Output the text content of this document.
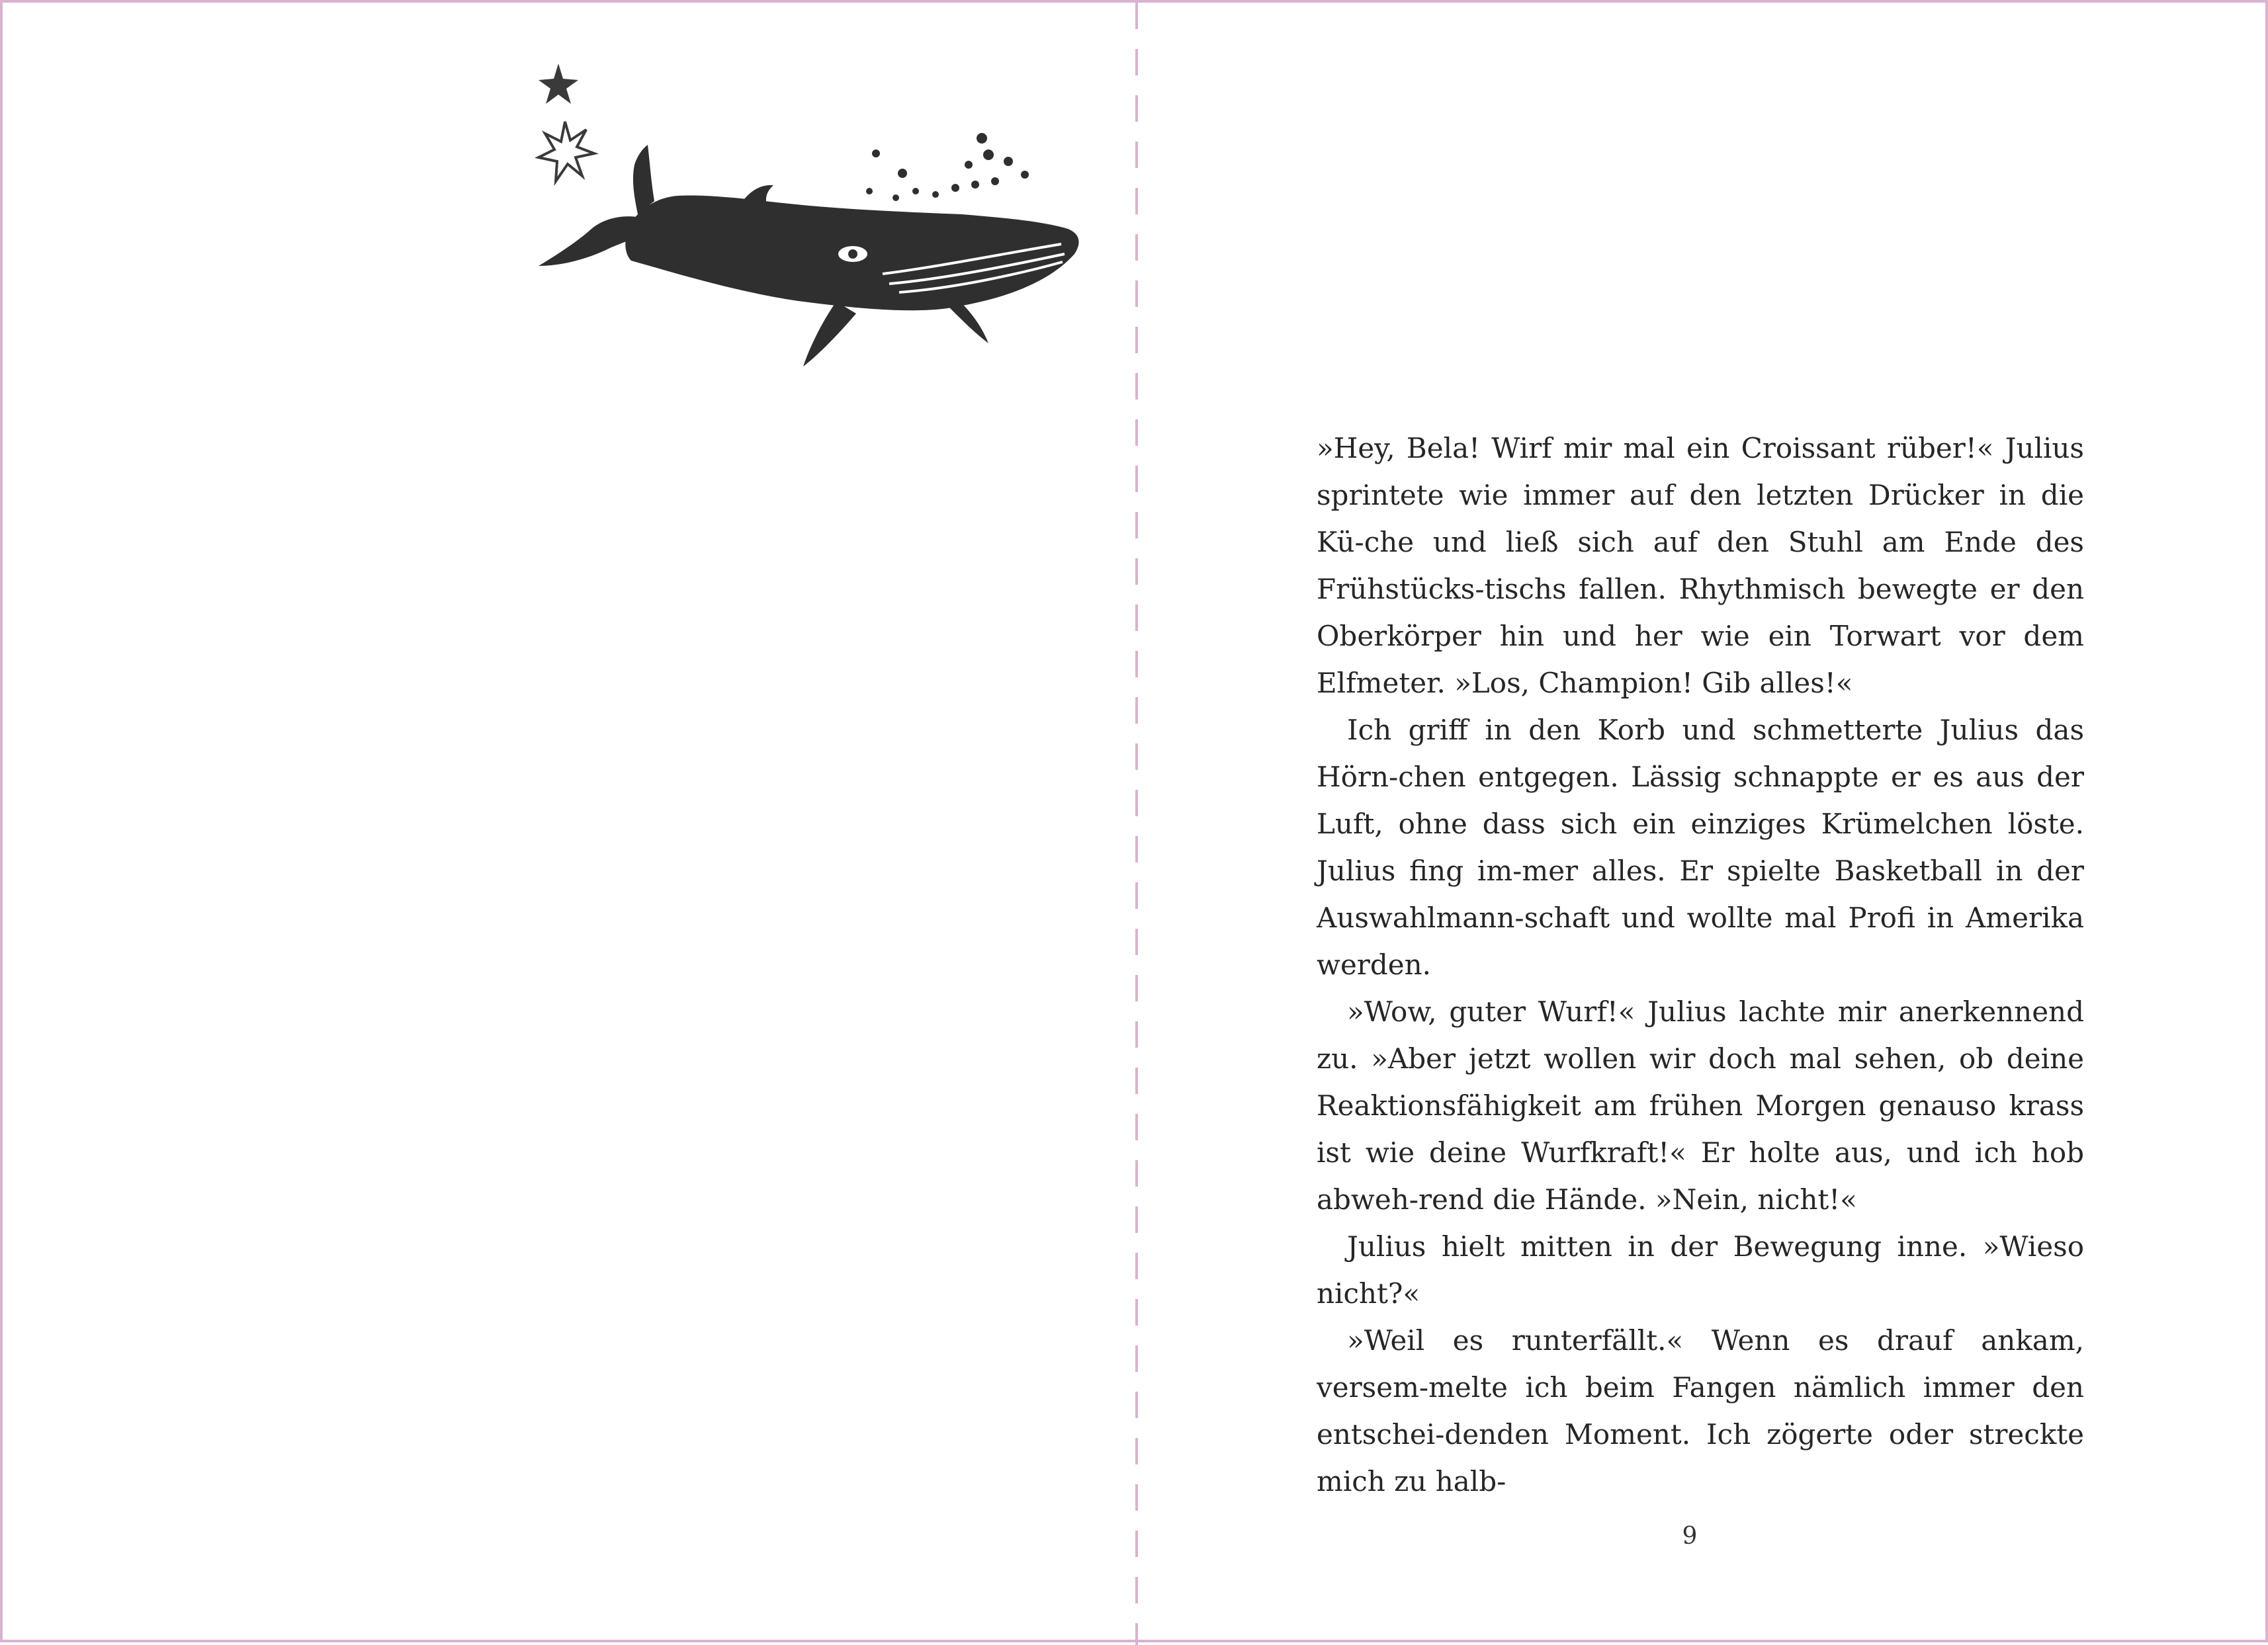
»Hey, Bela! Wirf mir mal ein Croissant rüber!« Julius sprintete wie immer auf den letzten Drücker in die Kü-che und ließ sich auf den Stuhl am Ende des Frühstücks-tischs fallen. Rhythmisch bewegte er den Oberkörper hin und her wie ein Torwart vor dem Elfmeter. »Los, Champion! Gib alles!«

Ich griff in den Korb und schmetterte Julius das Hörn-chen entgegen. Lässig schnappte er es aus der Luft, ohne dass sich ein einziges Krümelchen löste. Julius fing im-mer alles. Er spielte Basketball in der Auswahlmann-schaft und wollte mal Profi in Amerika werden.

»Wow, guter Wurf!« Julius lachte mir anerkennend zu. »Aber jetzt wollen wir doch mal sehen, ob deine Reaktionsfähigkeit am frühen Morgen genauso krass ist wie deine Wurfkraft!« Er holte aus, und ich hob abweh-rend die Hände. »Nein, nicht!«

Julius hielt mitten in der Bewegung inne. »Wieso nicht?«

»Weil es runterfällt.« Wenn es drauf ankam, versem-melte ich beim Fangen nämlich immer den entschei-denden Moment. Ich zögerte oder streckte mich zu halb-

9
